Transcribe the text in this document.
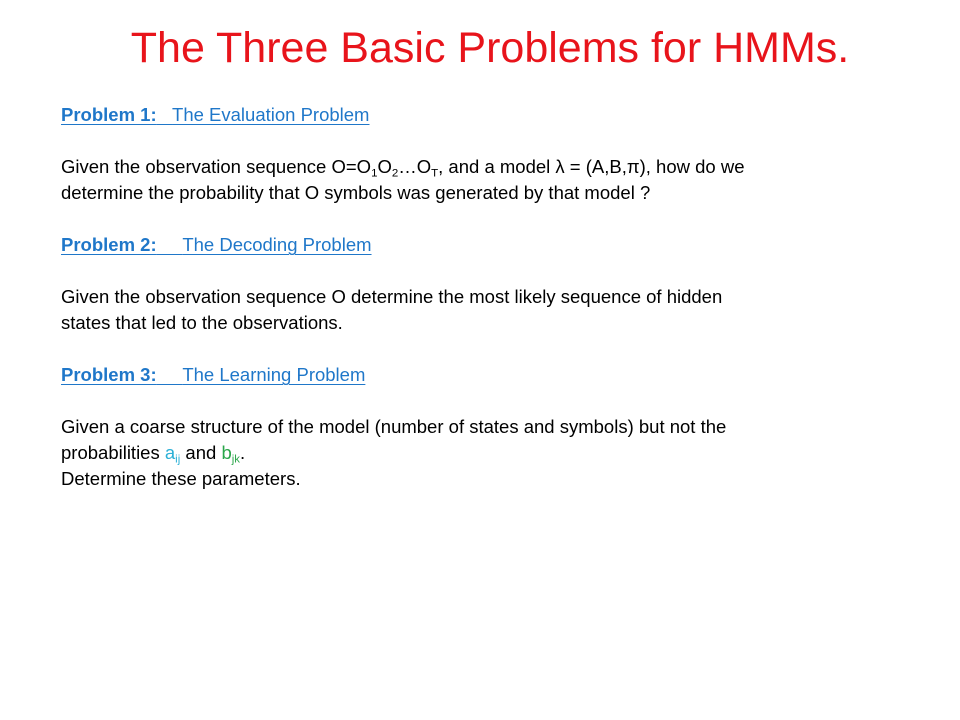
The Three Basic Problems for HMMs.

Problem 1: The Evaluation Problem

Given the observation sequence $O=O_1O_2\dots O_T$, and a model λ = (A,B,π), how do we

determine the probability that O symbols was generated by that model ?

Problem 2: The Decoding Problem

Given the observation sequence O determine the most likely sequence of hidden

states that led to the observations.

Problem 3: The Learning Problem

Given a coarse structure of the model (number of states and symbols) but not the

probabilities $a_{ij}$ and $b_{jk}$.

Determine these parameters.
